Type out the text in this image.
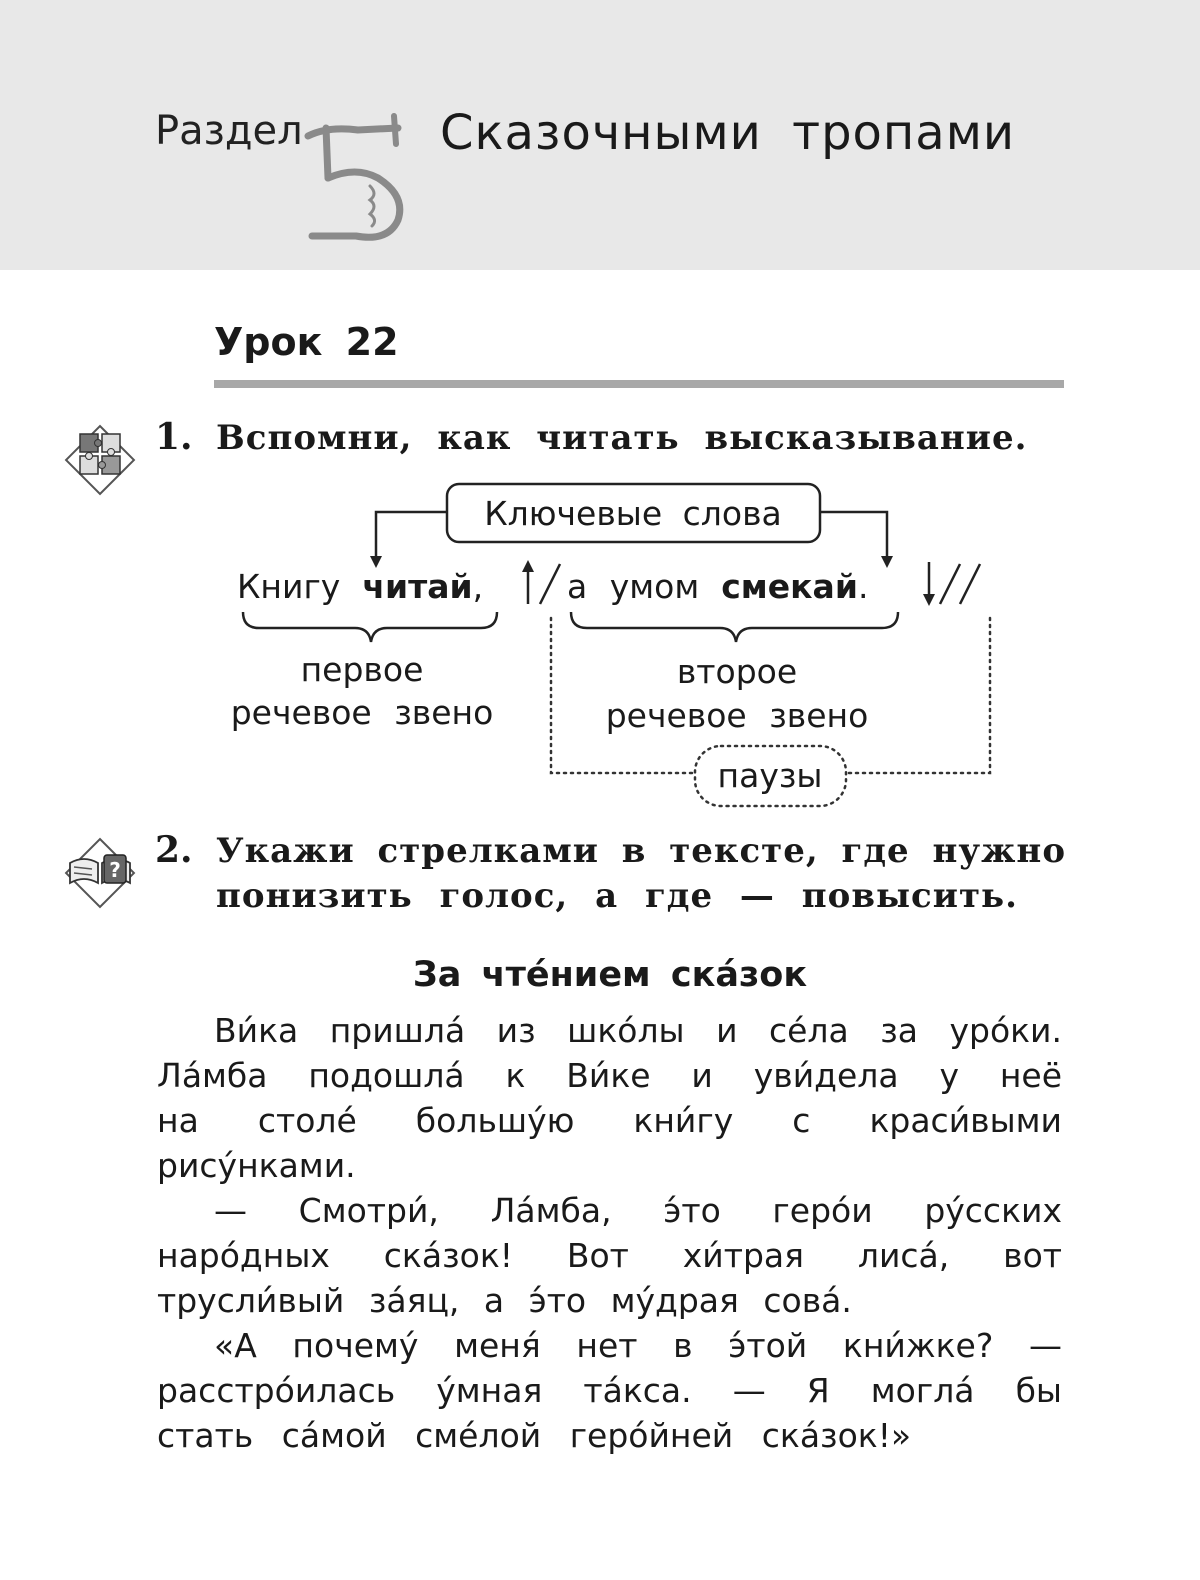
Раздел
5
Сказочными тропами
Урок 22
1. Вспомни, как читать высказывание.
Ключевые слова
Книгу читай,	а умом смекай.
первое
речевое звено
второе
речевое звено
паузы
? 2. Укажи стрелками в тексте, где нужно
понизить голос, а где — повысить.
За чте́нием ска́зок
Ви́ка пришла́ из шко́лы и се́ла за уро́ки.
Ла́мба подошла́ к Ви́ке и уви́дела у неё
на столе́ большу́ю кни́гу с краси́выми
рису́нками.
— Смотри́, Ла́мба, э́то геро́и ру́сских
наро́дных ска́зок! Вот хи́трая лиса́, вот
трусли́вый за́яц, а э́то му́драя сова́.
«А почему́ меня́ нет в э́той кни́жке? —
расстро́илась у́мная та́кса. — Я могла́ бы
стать са́мой сме́лой геро́йней ска́зок!»
